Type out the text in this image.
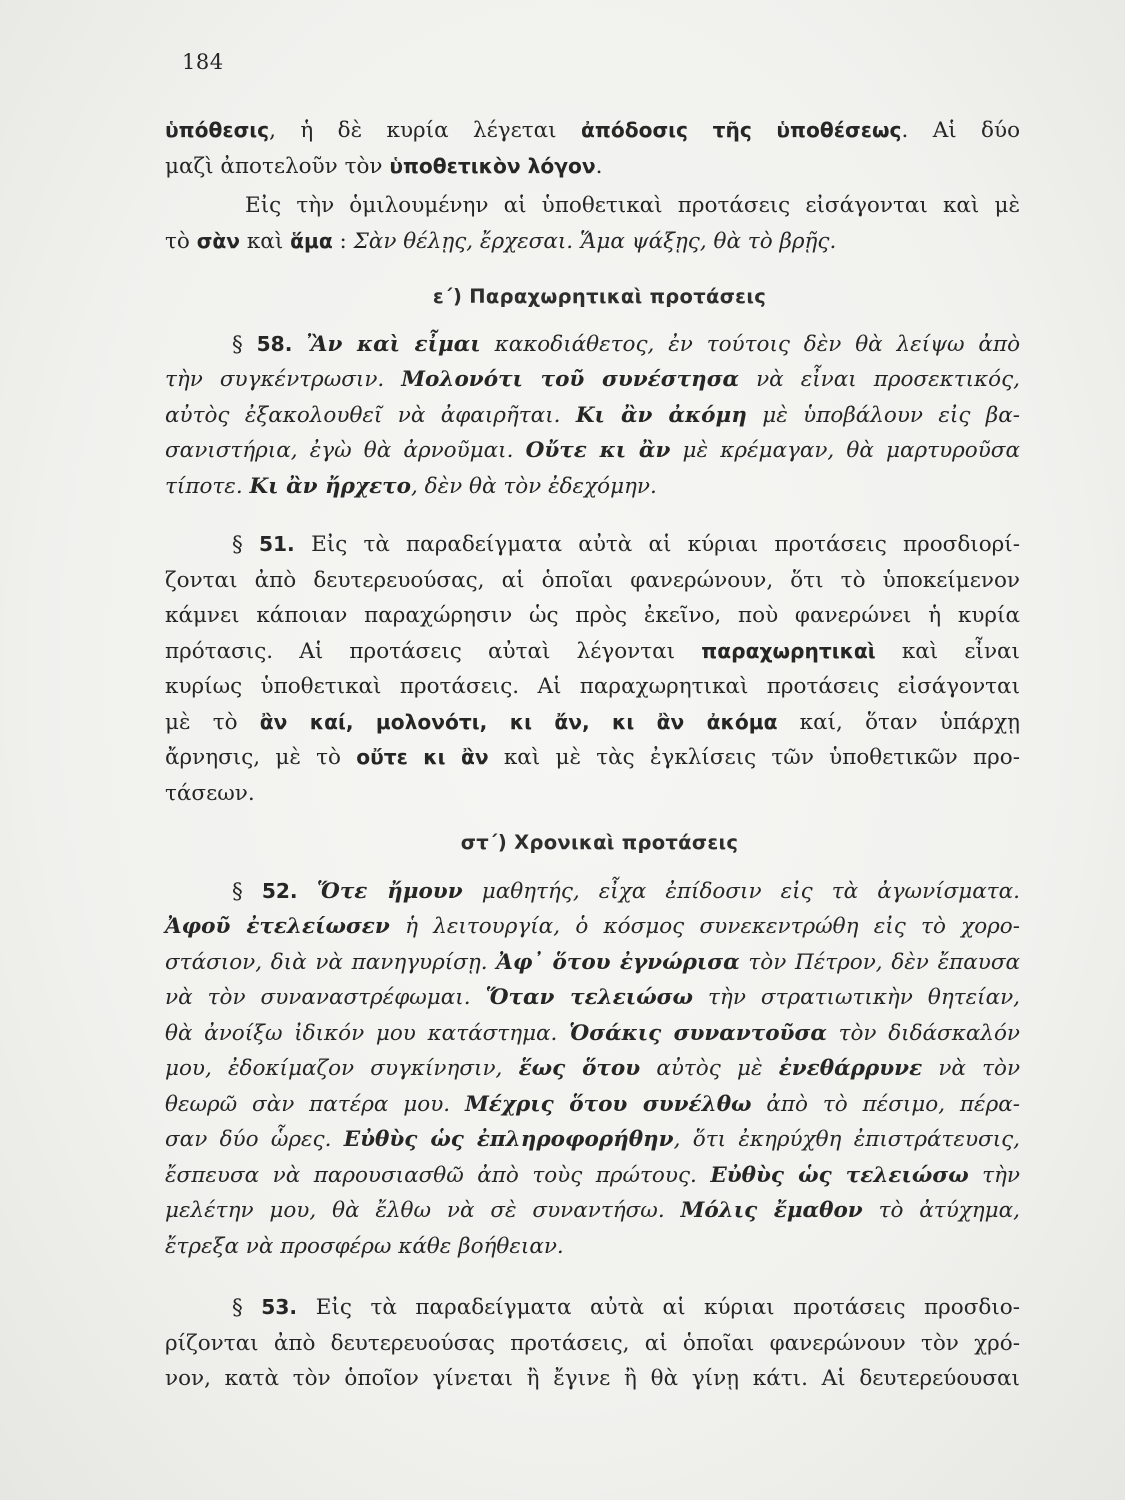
184
ὑπόθεσις, ἡ δὲ κυρία λέγεται ἀπόδοσις τῆς ὑποθέσεως. Αἱ δύο
μαζὶ ἀποτελοῦν τὸν ὑποθετικὸν λόγον.
Εἰς τὴν ὁμιλουμένην αἱ ὑποθετικαὶ προτάσεις εἰσάγονται καὶ μὲ
τὸ σὰν καὶ ἅμα : Σὰν θέλῃς, ἔρχεσαι. Ἅμα ψάξῃς, θὰ τὸ βρῇς.
ε΄) Παραχωρητικαὶ προτάσεις
§ 58. Ἂν καὶ εἶμαι κακοδιάθετος, ἐν τούτοις δὲν θὰ λείψω ἀπὸ
τὴν συγκέντρωσιν. Μολονότι τοῦ συνέστησα νὰ εἶναι προσεκτικός,
αὐτὸς ἐξακολουθεῖ νὰ ἀφαιρῆται. Κι ἂν ἀκόμη μὲ ὑποβάλουν εἰς βα-
σανιστήρια, ἐγὼ θὰ ἀρνοῦμαι. Οὔτε κι ἂν μὲ κρέμαγαν, θὰ μαρτυροῦσα
τίποτε. Κι ἂν ἤρχετο, δὲν θὰ τὸν ἐδεχόμην.
§ 51. Εἰς τὰ παραδείγματα αὐτὰ αἱ κύριαι προτάσεις προσδιορί-
ζονται ἀπὸ δευτερευούσας, αἱ ὁποῖαι φανερώνουν, ὅτι τὸ ὑποκείμενον
κάμνει κάποιαν παραχώρησιν ὡς πρὸς ἐκεῖνο, ποὺ φανερώνει ἡ κυρία
πρότασις. Αἱ προτάσεις αὐταὶ λέγονται παραχωρητικαὶ καὶ εἶναι
κυρίως ὑποθετικαὶ προτάσεις. Αἱ παραχωρητικαὶ προτάσεις εἰσάγονται
μὲ τὸ ἂν καί, μολονότι, κι ἄν, κι ἂν ἀκόμα καί, ὅταν ὑπάρχῃ
ἄρνησις, μὲ τὸ οὔτε κι ἂν καὶ μὲ τὰς ἐγκλίσεις τῶν ὑποθετικῶν προ-
τάσεων.
στ΄) Χρονικαὶ προτάσεις
§ 52. Ὅτε ἤμουν μαθητής, εἶχα ἐπίδοσιν εἰς τὰ ἀγωνίσματα.
Ἀφοῦ ἐτελείωσεν ἡ λειτουργία, ὁ κόσμος συνεκεντρώθη εἰς τὸ χορο-
στάσιον, διὰ νὰ πανηγυρίσῃ. Ἀφ᾽ ὅτου ἐγνώρισα τὸν Πέτρον, δὲν ἔπαυσα
νὰ τὸν συναναστρέφωμαι. Ὅταν τελειώσω τὴν στρατιωτικὴν θητείαν,
θὰ ἀνοίξω ἰδικόν μου κατάστημα. Ὁσάκις συναντοῦσα τὸν διδάσκαλόν
μου, ἐδοκίμαζον συγκίνησιν, ἕως ὅτου αὐτὸς μὲ ἐνεθάρρυνε νὰ τὸν
θεωρῶ σὰν πατέρα μου. Μέχρις ὅτου συνέλθω ἀπὸ τὸ πέσιμο, πέρα-
σαν δύο ὧρες. Εὐθὺς ὡς ἐπληροφορήθην, ὅτι ἐκηρύχθη ἐπιστράτευσις,
ἔσπευσα νὰ παρουσιασθῶ ἀπὸ τοὺς πρώτους. Εὐθὺς ὡς τελειώσω τὴν
μελέτην μου, θὰ ἔλθω νὰ σὲ συναντήσω. Μόλις ἔμαθον τὸ ἀτύχημα,
ἔτρεξα νὰ προσφέρω κάθε βοήθειαν.
§ 53. Εἰς τὰ παραδείγματα αὐτὰ αἱ κύριαι προτάσεις προσδιο-
ρίζονται ἀπὸ δευτερευούσας προτάσεις, αἱ ὁποῖαι φανερώνουν τὸν χρό-
νον, κατὰ τὸν ὁποῖον γίνεται ἢ ἔγινε ἢ θὰ γίνῃ κάτι. Αἱ δευτερεύουσαι
